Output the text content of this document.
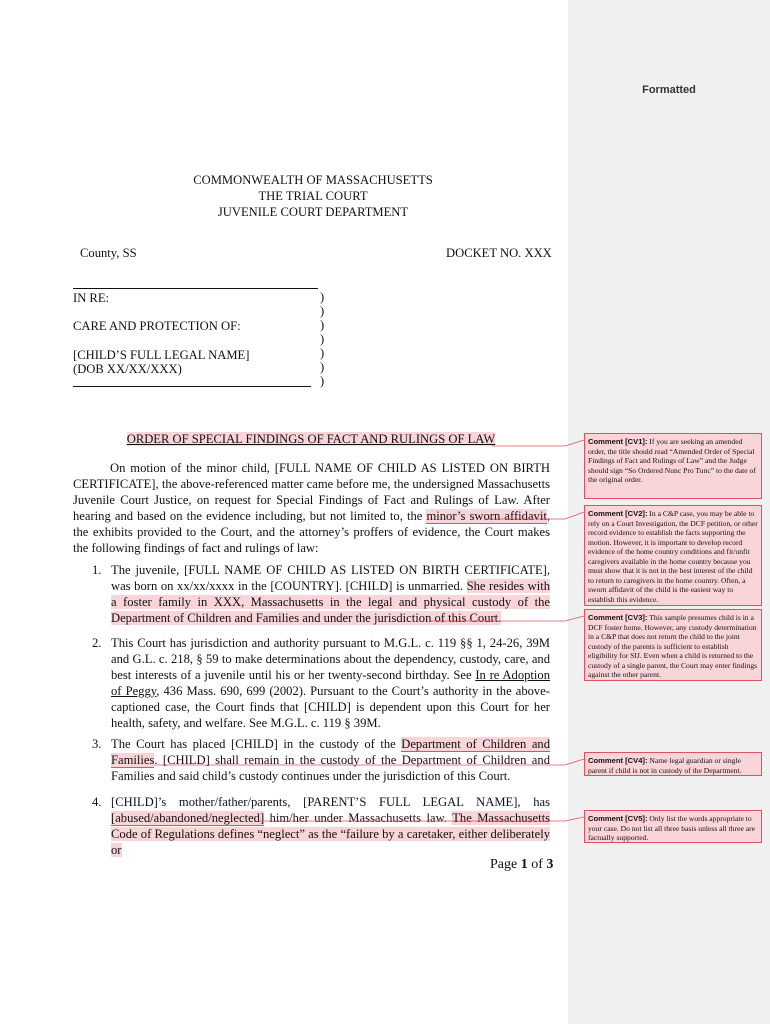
COMMONWEALTH OF MASSACHUSETTS
THE TRIAL COURT
JUVENILE COURT DEPARTMENT
County, SS	DOCKET NO. XXX
IN RE:
CARE AND PROTECTION OF:
[CHILD’S FULL LEGAL NAME]
(DOB XX/XX/XXX)
)
)
)
)
)
)
)
ORDER OF SPECIAL FINDINGS OF FACT AND RULINGS OF LAW
On motion of the minor child, [FULL NAME OF CHILD AS LISTED ON BIRTH CERTIFICATE], the above-referenced matter came before me, the undersigned Massachusetts Juvenile Court Justice, on request for Special Findings of Fact and Rulings of Law. After hearing and based on the evidence including, but not limited to, the minor’s sworn affidavit, the exhibits provided to the Court, and the attorney’s proffers of evidence, the Court makes the following findings of fact and rulings of law:
1. The juvenile, [FULL NAME OF CHILD AS LISTED ON BIRTH CERTIFICATE], was born on xx/xx/xxxx in the [COUNTRY]. [CHILD] is unmarried. She resides with a foster family in XXX, Massachusetts in the legal and physical custody of the Department of Children and Families and under the jurisdiction of this Court.
2. This Court has jurisdiction and authority pursuant to M.G.L. c. 119 §§ 1, 24-26, 39M and G.L. c. 218, § 59 to make determinations about the dependency, custody, care, and best interests of a juvenile until his or her twenty-second birthday. See In re Adoption of Peggy, 436 Mass. 690, 699 (2002). Pursuant to the Court’s authority in the above-captioned case, the Court finds that [CHILD] is dependent upon this Court for her health, safety, and welfare. See M.G.L. c. 119 § 39M.
3. The Court has placed [CHILD] in the custody of the Department of Children and Families. [CHILD] shall remain in the custody of the Department of Children and Families and said child’s custody continues under the jurisdiction of this Court.
4. [CHILD]’s mother/father/parents, [PARENT’S FULL LEGAL NAME], has [abused/abandoned/neglected] him/her under Massachusetts law. The Massachusetts Code of Regulations defines “neglect” as the “failure by a caretaker, either deliberately or
Page 1 of 3
Formatted
Comment [CV1]: If you are seeking an amended order, the title should read “Amended Order of Special Findings of Fact and Rulings of Law” and the Judge should sign “So Ordered Nunc Pro Tunc” to the date of the original order.
Comment [CV2]: In a C&P case, you may be able to rely on a Court Investigation, the DCF petition, or other record evidence to establish the facts supporting the motion. However, it is important to develop record evidence of the home country conditions and fit/unfit caregivers available in the home country because you must show that it is not in the best interest of the child to return to caregivers in the home country. Often, a sworn affidavit of the child is the easiest way to establish this evidence.
Comment [CV3]: This sample presumes child is in a DCF foster home. However, any custody determination in a C&P that does not return the child to the joint custody of the parents is sufficient to establish eligibility for SIJ. Even when a child is returned to the custody of a single parent, the Court may enter findings against the other parent.
Comment [CV4]: Name legal guardian or single parent if child is not in custody of the Department.
Comment [CV5]: Only list the words appropriate to your case. Do not list all three basis unless all three are factually supported.
